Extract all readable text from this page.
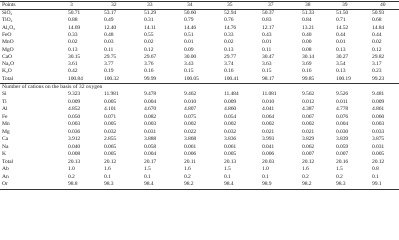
Points	3	32	33	34	35	37	38	39	40
SiO₂	50.71	53.17	51.29	50.60	52.94	50.37	51.33	51.50	50.93
TiO₂	0.88	0.49	0.31	0.79	0.76	0.83	0.84	0.71	0.68
Al₂O₃	14.69	12.40	14.11	14.46	14.76	12.17	13.21	14.52	14.84
FeO	0.33	0.48	0.55	0.51	0.33	0.43	0.40	0.44	0.44
MnO	0.02	0.03	0.02	0.01	0.02	0.01	0.00	0.01	0.02
MgO	0.13	0.11	0.12	0.09	0.13	0.11	0.08	0.13	0.12
CaO	30.15	29.75	29.67	30.00	29.77	30.47	30.14	30.27	29.82
Na₂O	3.61	3.77	3.76	3.43	3.74	3.63	3.69	3.54	3.17
K₂O	0.42	0.19	0.16	0.15	0.16	0.15	0.16	0.13	0.23
Total	100.84	100.32	99.99	100.05	100.41	98.17	99.85	100.19	99.23
Number of cations on the basis of 32 oxygen
Si	9.323	11.981	9.478	9.462	11.484	11.081	9.562	9.526	9.481
Ti	0.009	0.005	0.004	0.010	0.009	0.010	0.012	0.011	0.009
Al	4.852	4.101	4.670	4.807	4.860	4.041	4.387	4.778	4.861
Fe	0.050	0.071	0.082	0.075	0.054	0.064	0.067	0.076	0.060
Mn	0.003	0.005	0.003	0.002	0.002	0.002	0.002	0.004	0.003
Mg	0.036	0.032	0.031	0.022	0.032	0.021	0.021	0.030	0.033
Ca	3.912	2.855	3.888	3.868	3.836	3.993	3.829	3.839	3.875
Na	0.040	0.065	0.058	0.061	0.061	0.041	0.062	0.059	0.031
K	0.008	0.005	0.004	0.006	0.005	0.006	0.007	0.007	0.005
Total	20.13	20.12	20.17	20.11	20.13	20.03	20.12	20.16	20.12
Ab	1.0	1.6	1.5	1.6	1.5	1.0	1.6	1.5	0.8
An	0.2	0.1	0.1	0.2	0.1	0.1	0.2	0.2	0.1
Or	98.8	98.3	98.4	98.2	98.4	98.9	98.2	98.3	99.1
